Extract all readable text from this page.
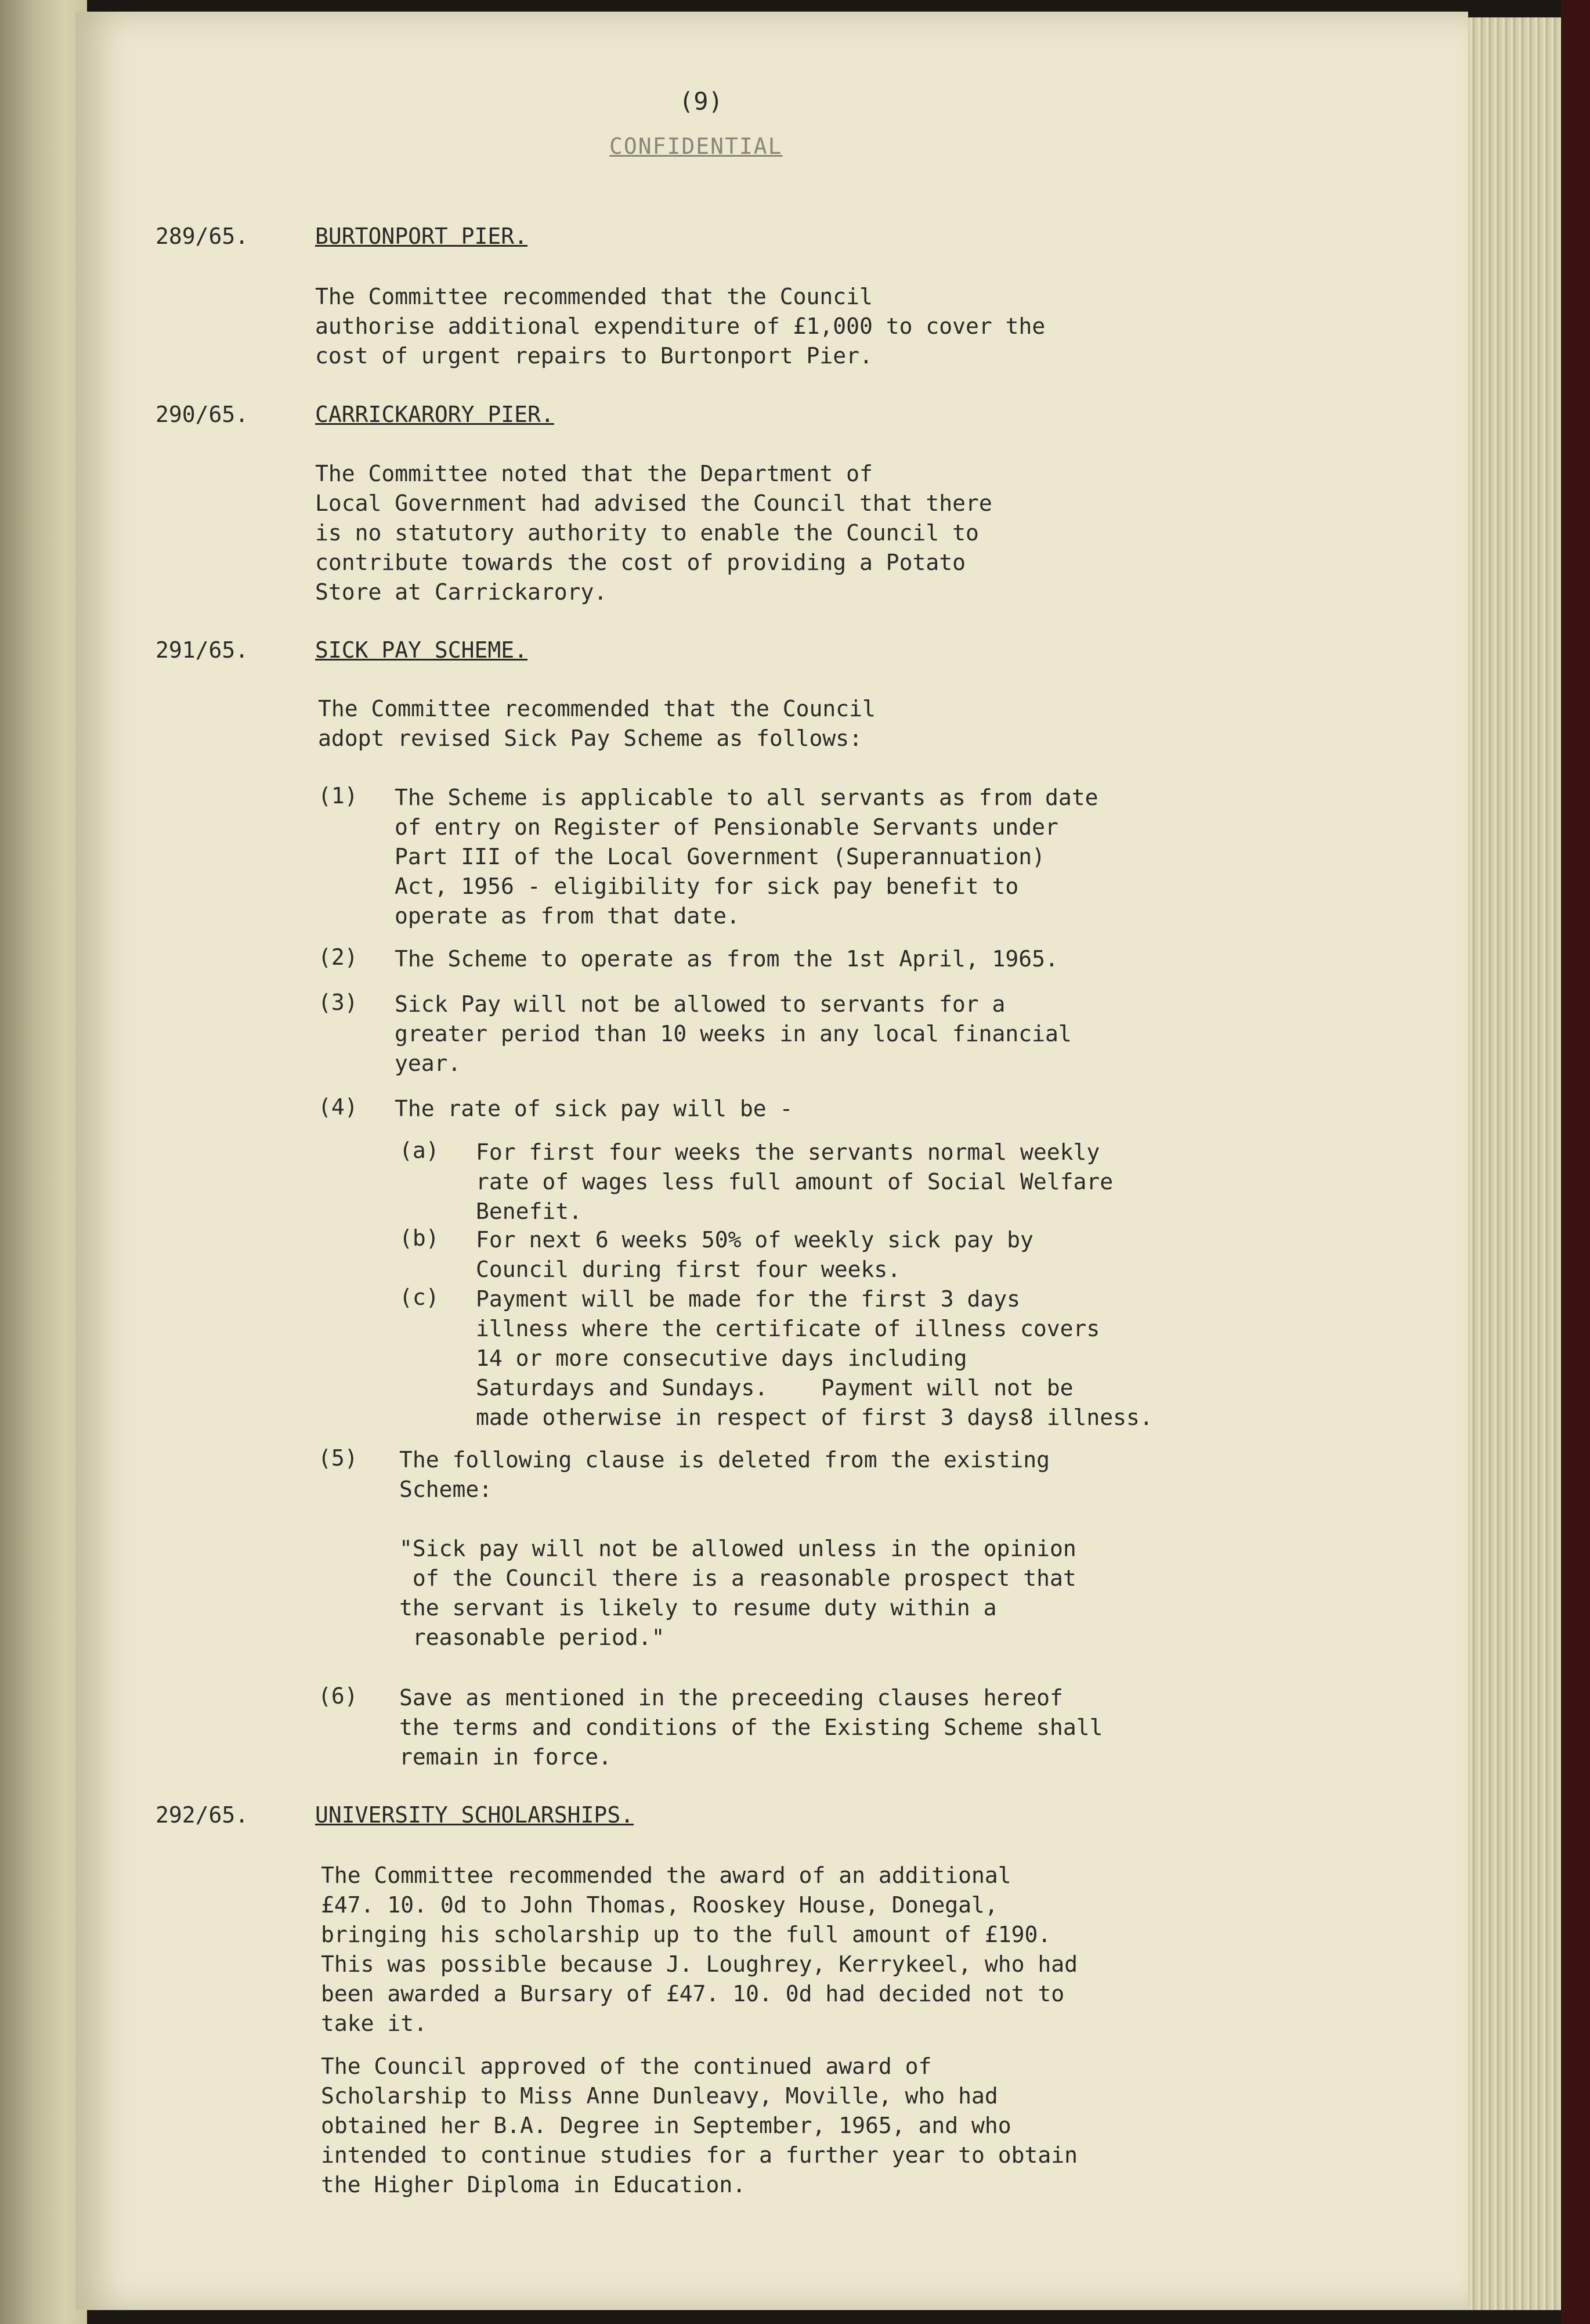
(9)
CONFIDENTIAL
289/65.	BURTONPORT PIER.
The Committee recommended that the Council
authorise additional expenditure of £1,000 to cover the
cost of urgent repairs to Burtonport Pier.
290/65.	CARRICKARORY PIER.
The Committee noted that the Department of
Local Government had advised the Council that there
is no statutory authority to enable the Council to
contribute towards the cost of providing a Potato
Store at Carrickarory.
291/65.	SICK PAY SCHEME.
The Committee recommended that the Council
adopt revised Sick Pay Scheme as follows:
(1) The Scheme is applicable to all servants as from date
of entry on Register of Pensionable Servants under
Part III of the Local Government (Superannuation)
Act, 1956 - eligibility for sick pay benefit to
operate as from that date.
(2) The Scheme to operate as from the 1st April, 1965.
(3) Sick Pay will not be allowed to servants for a
greater period than 10 weeks in any local financial
year.
(4) The rate of sick pay will be -
(a) For first four weeks the servants normal weekly
rate of wages less full amount of Social Welfare
Benefit.
(b) For next 6 weeks 50% of weekly sick pay by
Council during first four weeks.
(c) Payment will be made for the first 3 days
illness where the certificate of illness covers
14 or more consecutive days including
Saturdays and Sundays.    Payment will not be
made otherwise in respect of first 3 days8 illness.
(5) The following clause is deleted from the existing
Scheme:
"Sick pay will not be allowed unless in the opinion
of the Council there is a reasonable prospect that
the servant is likely to resume duty within a
reasonable period."
(6) Save as mentioned in the preceeding clauses hereof
the terms and conditions of the Existing Scheme shall
remain in force.
292/65.	UNIVERSITY SCHOLARSHIPS.
The Committee recommended the award of an additional
£47. 10. 0d to John Thomas, Rooskey House, Donegal,
bringing his scholarship up to the full amount of £190.
This was possible because J. Loughrey, Kerrykeel, who had
been awarded a Bursary of £47. 10. 0d had decided not to
take it.
The Council approved of the continued award of
Scholarship to Miss Anne Dunleavy, Moville, who had
obtained her B.A. Degree in September, 1965, and who
intended to continue studies for a further year to obtain
the Higher Diploma in Education.
